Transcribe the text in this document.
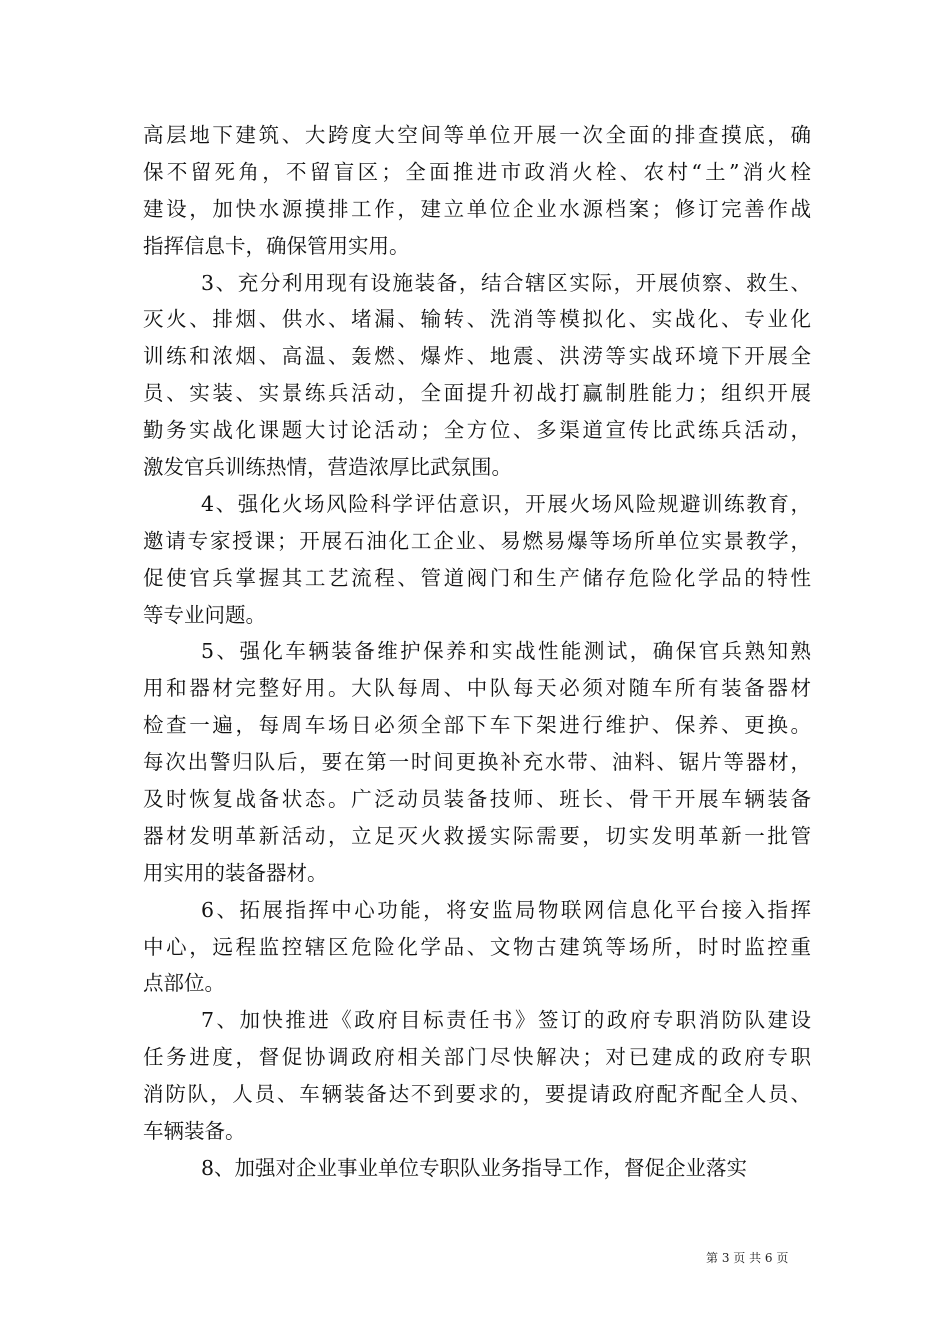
高层地下建筑、大跨度大空间等单位开展一次全面的排查摸底，确
保不留死角，不留盲区；全面推进市政消火栓、农村“土”消火栓
建设，加快水源摸排工作，建立单位企业水源档案；修订完善作战
指挥信息卡，确保管用实用。
3、充分利用现有设施装备，结合辖区实际，开展侦察、救生、
灭火、排烟、供水、堵漏、输转、洗消等模拟化、实战化、专业化
训练和浓烟、高温、轰燃、爆炸、地震、洪涝等实战环境下开展全
员、实装、实景练兵活动，全面提升初战打赢制胜能力；组织开展
勤务实战化课题大讨论活动；全方位、多渠道宣传比武练兵活动，
激发官兵训练热情，营造浓厚比武氛围。
4、强化火场风险科学评估意识，开展火场风险规避训练教育，
邀请专家授课；开展石油化工企业、易燃易爆等场所单位实景教学，
促使官兵掌握其工艺流程、管道阀门和生产储存危险化学品的特性
等专业问题。
5、强化车辆装备维护保养和实战性能测试，确保官兵熟知熟
用和器材完整好用。大队每周、中队每天必须对随车所有装备器材
检查一遍，每周车场日必须全部下车下架进行维护、保养、更换。
每次出警归队后，要在第一时间更换补充水带、油料、锯片等器材，
及时恢复战备状态。广泛动员装备技师、班长、骨干开展车辆装备
器材发明革新活动，立足灭火救援实际需要，切实发明革新一批管
用实用的装备器材。
6、拓展指挥中心功能，将安监局物联网信息化平台接入指挥
中心，远程监控辖区危险化学品、文物古建筑等场所，时时监控重
点部位。
7、加快推进《政府目标责任书》签订的政府专职消防队建设
任务进度，督促协调政府相关部门尽快解决；对已建成的政府专职
消防队，人员、车辆装备达不到要求的，要提请政府配齐配全人员、
车辆装备。
8、加强对企业事业单位专职队业务指导工作，督促企业落实
第 3 页 共 6 页
